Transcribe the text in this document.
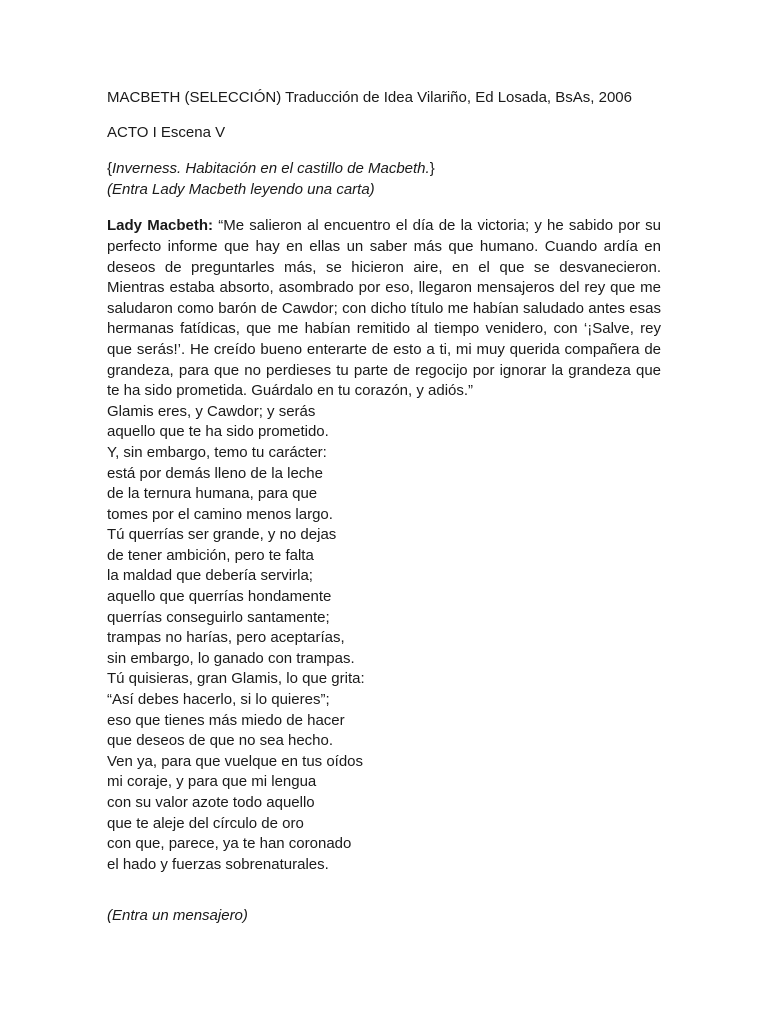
MACBETH (SELECCIÓN) Traducción de Idea Vilariño, Ed Losada, BsAs, 2006
ACTO I Escena V
{Inverness. Habitación en el castillo de Macbeth.}
(Entra Lady Macbeth leyendo una carta)

Lady Macbeth: “Me salieron al encuentro el día de la victoria; y he sabido por su perfecto informe que hay en ellas un saber más que humano. Cuando ardía en deseos de preguntarles más, se hicieron aire, en el que se desvanecieron. Mientras estaba absorto, asombrado por eso, llegaron mensajeros del rey que me saludaron como barón de Cawdor; con dicho título me habían saludado antes esas hermanas fatídicas, que me habían remitido al tiempo venidero, con ‘¡Salve, rey que serás!’. He creído bueno enterarte de esto a ti, mi muy querida compañera de grandeza, para que no perdieses tu parte de regocijo por ignorar la grandeza que te ha sido prometida. Guárdalo en tu corazón, y adiós.”

Glamis eres, y Cawdor; y serás
aquello que te ha sido prometido.
Y, sin embargo, temo tu carácter:
está por demás lleno de la leche
de la ternura humana, para que
tomes por el camino menos largo.
Tú querrías ser grande, y no dejas
de tener ambición, pero te falta
la maldad que debería servirla;
aquello que querrías hondamente
querrías conseguirlo santamente;
trampas no harías, pero aceptarías,
sin embargo, lo ganado con trampas.
Tú quisieras, gran Glamis, lo que grita:
“Así debes hacerlo, si lo quieres”;
eso que tienes más miedo de hacer
que deseos de que no sea hecho.
Ven ya, para que vuelque en tus oídos
mi coraje, y para que mi lengua
con su valor azote todo aquello
que te aleje del círculo de oro
con que, parece, ya te han coronado
el hado y fuerzas sobrenaturales.
(Entra un mensajero)
